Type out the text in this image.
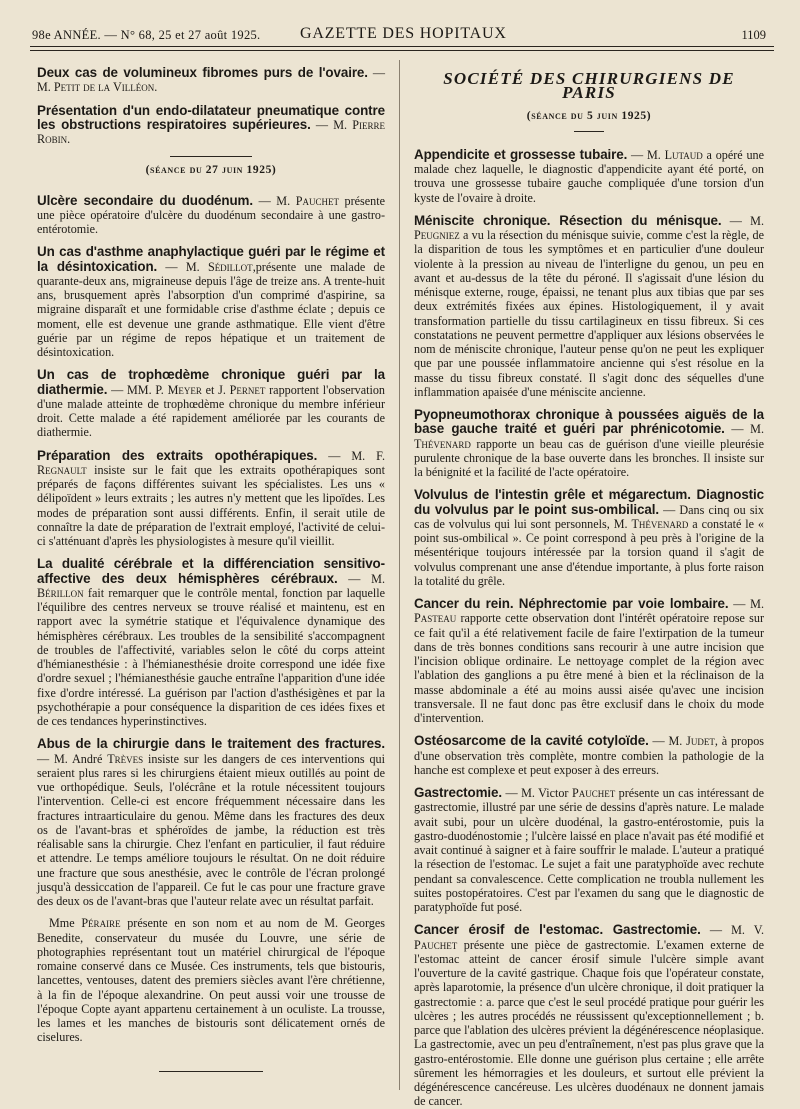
98e ANNÉE. — N° 68, 25 et 27 août 1925. GAZETTE DES HOPITAUX	1109

Deux cas de volumineux fibromes purs de l'ovaire. — M. Petit de la Villéon.

Présentation d'un endo-dilatateur pneumatique contre les obstructions respiratoires supérieures. — M. Pierre Robin.

(séance du 27 juin 1925)

Ulcère secondaire du duodénum. — M. Pauchet présente une pièce opératoire d'ulcère du duodénum secondaire à une gastro-entérotomie.

Un cas d'asthme anaphylactique guéri par le régime et la désintoxication. — M. Sédillot,présente une malade de quarante-deux ans, migraineuse depuis l'âge de treize ans. A trente-huit ans, brusquement après l'absorption d'un comprimé d'aspirine, sa migraine disparaît et une formidable crise d'asthme éclate ; depuis ce moment, elle est devenue une grande asthmatique. Elle vient d'être guérie par un régime de repos hépatique et un traitement de désintoxication.

Un cas de trophœdème chronique guéri par la diathermie. — MM. P. Meyer et J. Pernet rapportent l'observation d'une malade atteinte de trophœdème chronique du membre inférieur droit. Cette malade a été rapidement améliorée par les courants de diathermie.

Préparation des extraits opothérapiques. — M. F. Regnault insiste sur le fait que les extraits opothérapiques sont préparés de façons différentes suivant les spécialistes. Les uns « délipoïdent » leurs extraits ; les autres n'y mettent que les lipoïdes. Les modes de préparation sont aussi différents. Enfin, il serait utile de connaître la date de préparation de l'extrait employé, l'activité de celui-ci s'atténuant d'après les physiologistes à mesure qu'il vieillit.

La dualité cérébrale et la différenciation sensitivo-affective des deux hémisphères cérébraux. — M. Bérillon fait remarquer que le contrôle mental, fonction par laquelle l'équilibre des centres nerveux se trouve réalisé et maintenu, est en rapport avec la symétrie statique et l'équivalence dynamique des hémisphères cérébraux. Les troubles de la sensibilité s'accompagnent de troubles de l'affectivité, variables selon le côté du corps atteint d'hémianesthésie : à l'hémianesthésie droite correspond une idée fixe d'ordre sexuel ; l'hémianesthésie gauche entraîne l'apparition d'une idée fixe d'ordre intéressé. La guérison par l'action d'asthésigènes et par la psychothérapie a pour conséquence la disparition de ces idées fixes et de ces tendances hyperinstinctives.

Abus de la chirurgie dans le traitement des fractures. — M. André Trèves insiste sur les dangers de ces interventions qui seraient plus rares si les chirurgiens étaient mieux outillés au point de vue orthopédique. Seuls, l'olécrâne et la rotule nécessitent toujours l'intervention. Celle-ci est encore fréquemment nécessaire dans les fractures intraarticulaire du genou. Même dans les fractures des deux os de l'avant-bras et sphéroïdes de jambe, la réduction est très réalisable sans la chirurgie. Chez l'enfant en particulier, il faut réduire et attendre. Le temps améliore toujours le résultat. On ne doit réduire une fracture que sous anesthésie, avec le contrôle de l'écran prolongé jusqu'à dessiccation de l'appareil. Ce fut le cas pour une fracture grave des deux os de l'avant-bras que l'auteur relate avec un résultat parfait.

Mme Péraire présente en son nom et au nom de M. Georges Benedite, conservateur du musée du Louvre, une série de photographies représentant tout un matériel chirurgical de l'époque romaine conservé dans ce Musée. Ces instruments, tels que bistouris, lancettes, ventouses, datent des premiers siècles avant l'ère chrétienne, à la fin de l'époque alexandrine. On peut aussi voir une trousse de l'époque Copte ayant appartenu certainement à un oculiste. La trousse, les lames et les manches de bistouris sont délicatement ornés de ciselures.

SOCIÉTÉ DES CHIRURGIENS DE PARIS
(séance du 5 juin 1925)

Appendicite et grossesse tubaire. — M. Lutaud a opéré une malade chez laquelle, le diagnostic d'appendicite ayant été porté, on trouva une grossesse tubaire gauche compliquée d'une torsion d'un kyste de l'ovaire à droite.

Méniscite chronique. Résection du ménisque. — M. Peugniez a vu la résection du ménisque suivie, comme c'est la règle, de la disparition de tous les symptômes et en particulier d'une douleur violente à la pression au niveau de l'interligne du genou, un peu en avant et au-dessus de la tête du péroné. Il s'agissait d'une lésion du ménisque externe, rouge, épaissi, ne tenant plus aux tibias que par ses deux extrémités fixées aux épines. Histologiquement, il y avait transformation partielle du tissu cartilagineux en tissu fibreux. Si ces constatations ne peuvent permettre d'appliquer aux lésions observées le nom de méniscite chronique, l'auteur pense qu'on ne peut les expliquer que par une poussée inflammatoire ancienne qui s'est résolue en la masse du tissu fibreux constaté. Il s'agit donc des séquelles d'une inflammation apaisée d'une méniscite ancienne.

Pyopneumothorax chronique à poussées aiguës de la base gauche traité et guéri par phrénicotomie. — M. Thévenard rapporte un beau cas de guérison d'une vieille pleurésie purulente chronique de la base ouverte dans les bronches. Il insiste sur la bénignité et la facilité de l'acte opératoire.

Volvulus de l'intestin grêle et mégarectum. Diagnostic du volvulus par le point sus-ombilical. — Dans cinq ou six cas de volvulus qui lui sont personnels, M. Thévenard a constaté le « point sus-ombilical ». Ce point correspond à peu près à l'origine de la mésentérique toujours intéressée par la torsion quand il s'agit de volvulus comprenant une anse d'étendue importante, à plus forte raison la totalité du grêle.

Cancer du rein. Néphrectomie par voie lombaire. — M. Pasteau rapporte cette observation dont l'intérêt opératoire repose sur ce fait qu'il a été relativement facile de faire l'extirpation de la tumeur dans de très bonnes conditions sans recourir à une autre incision que l'incision oblique ordinaire. Le nettoyage complet de la région avec l'ablation des ganglions a pu être mené à bien et la réclinaison de la masse abdominale a été au moins aussi aisée qu'avec une incision transversale. Il ne faut donc pas être exclusif dans le choix du mode d'intervention.

Ostéosarcome de la cavité cotyloïde. — M. Judet, à propos d'une observation très complète, montre combien la pathologie de la hanche est complexe et peut exposer à des erreurs.

Gastrectomie. — M. Victor Pauchet présente un cas intéressant de gastrectomie, illustré par une série de dessins d'après nature. Le malade avait subi, pour un ulcère duodénal, la gastro-entérostomie, puis la gastro-duodénostomie ; l'ulcère laissé en place n'avait pas été modifié et avait continué à saigner et à faire souffrir le malade. L'auteur a pratiqué la résection de l'estomac. Le sujet a fait une paratyphoïde avec rechute pendant sa convalescence. Cette complication ne troubla nullement les suites postopératoires. C'est par l'examen du sang que le diagnostic de paratyphoïde fut posé.

Cancer érosif de l'estomac. Gastrectomie. — M. V. Pauchet présente une pièce de gastrectomie. L'examen externe de l'estomac atteint de cancer érosif simule l'ulcère simple avant l'ouverture de la cavité gastrique. Chaque fois que l'opérateur constate, après laparotomie, la présence d'un ulcère chronique, il doit pratiquer la gastrectomie : a. parce que c'est le seul procédé pratique pour guérir les ulcères ; les autres procédés ne réussissent qu'exceptionnellement ; b. parce que l'ablation des ulcères prévient la dégénérescence néoplasique. La gastrectomie, avec un peu d'entraînement, n'est pas plus grave que la gastro-entérostomie. Elle donne une guérison plus certaine ; elle arrête sûrement les hémorragies et les douleurs, et surtout elle prévient la dégénérescence cancéreuse. Les ulcères duodénaux ne donnent jamais de cancer.
